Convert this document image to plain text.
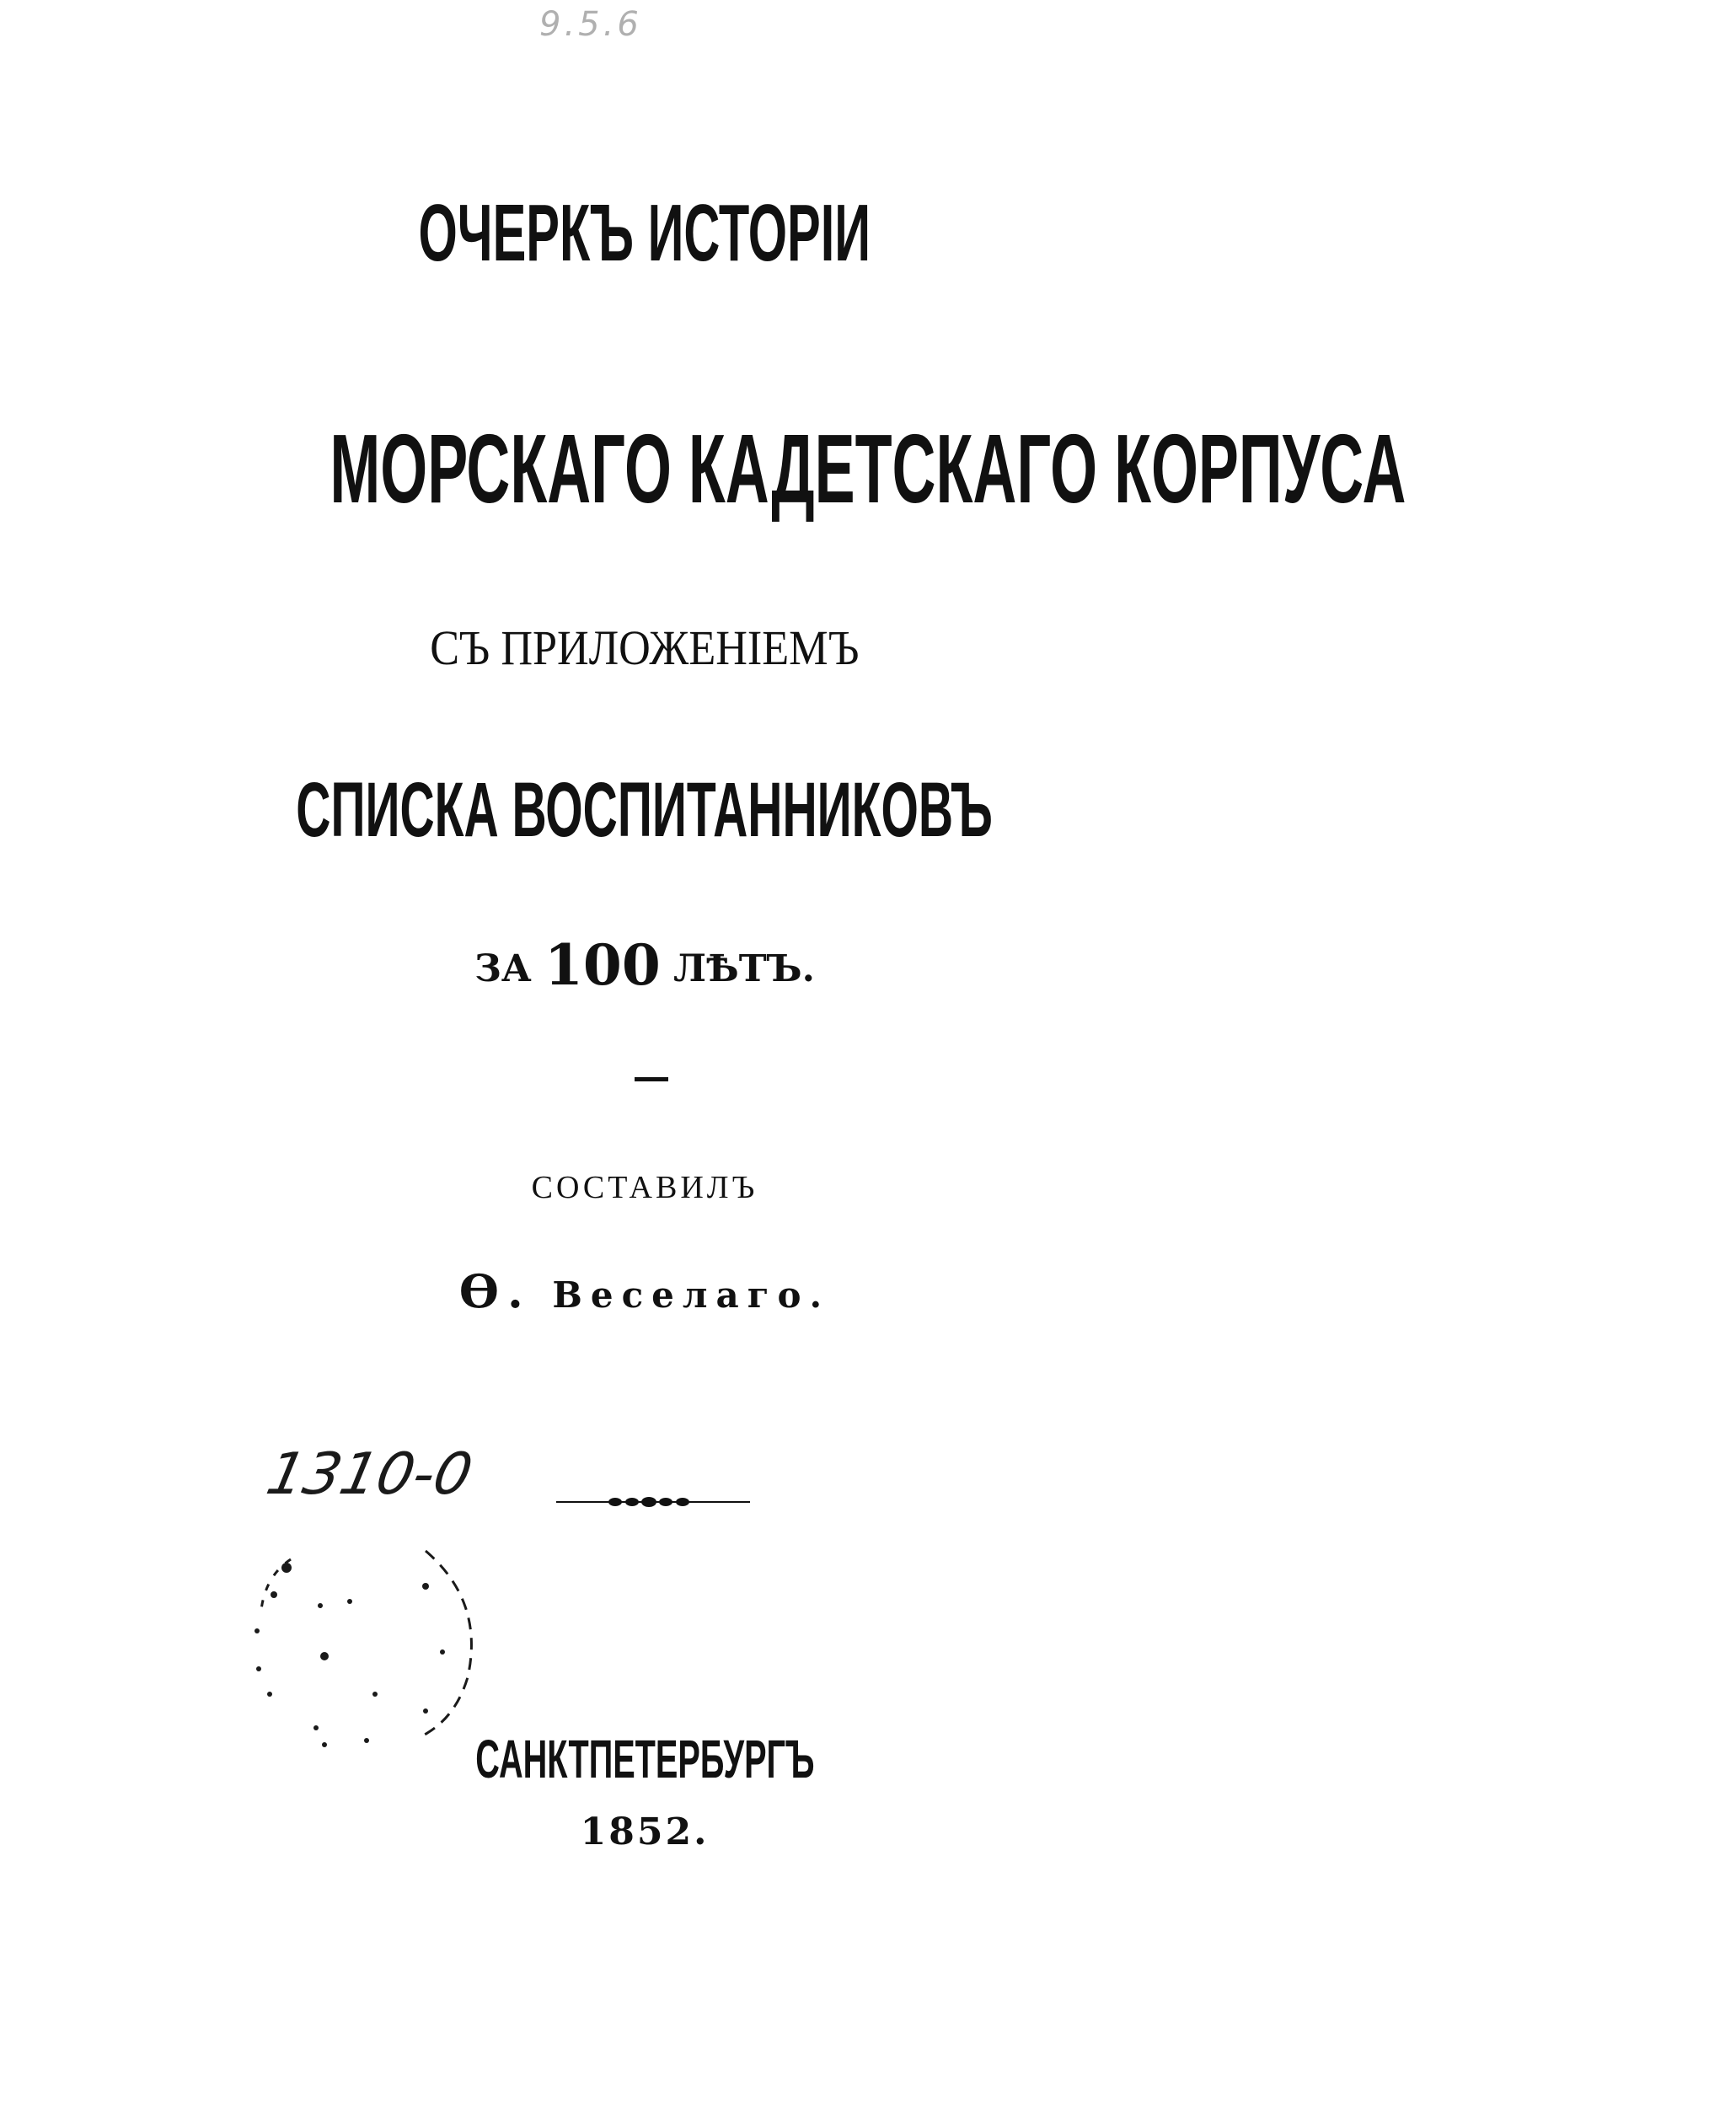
9.5.6
ОЧЕРКЪ ИСТОРІИ
МОРСКАГО КАДЕТСКАГО КОРПУСА
СЪ ПРИЛОЖЕНІЕМЪ
СПИСКА ВОСПИТАННИКОВЪ
ЗА 100 ЛѢТЪ.
СОСТАВИЛЪ
Ѳ. Веселаго.
1310-0
САНКТПЕТЕРБУРГЪ
1852.
